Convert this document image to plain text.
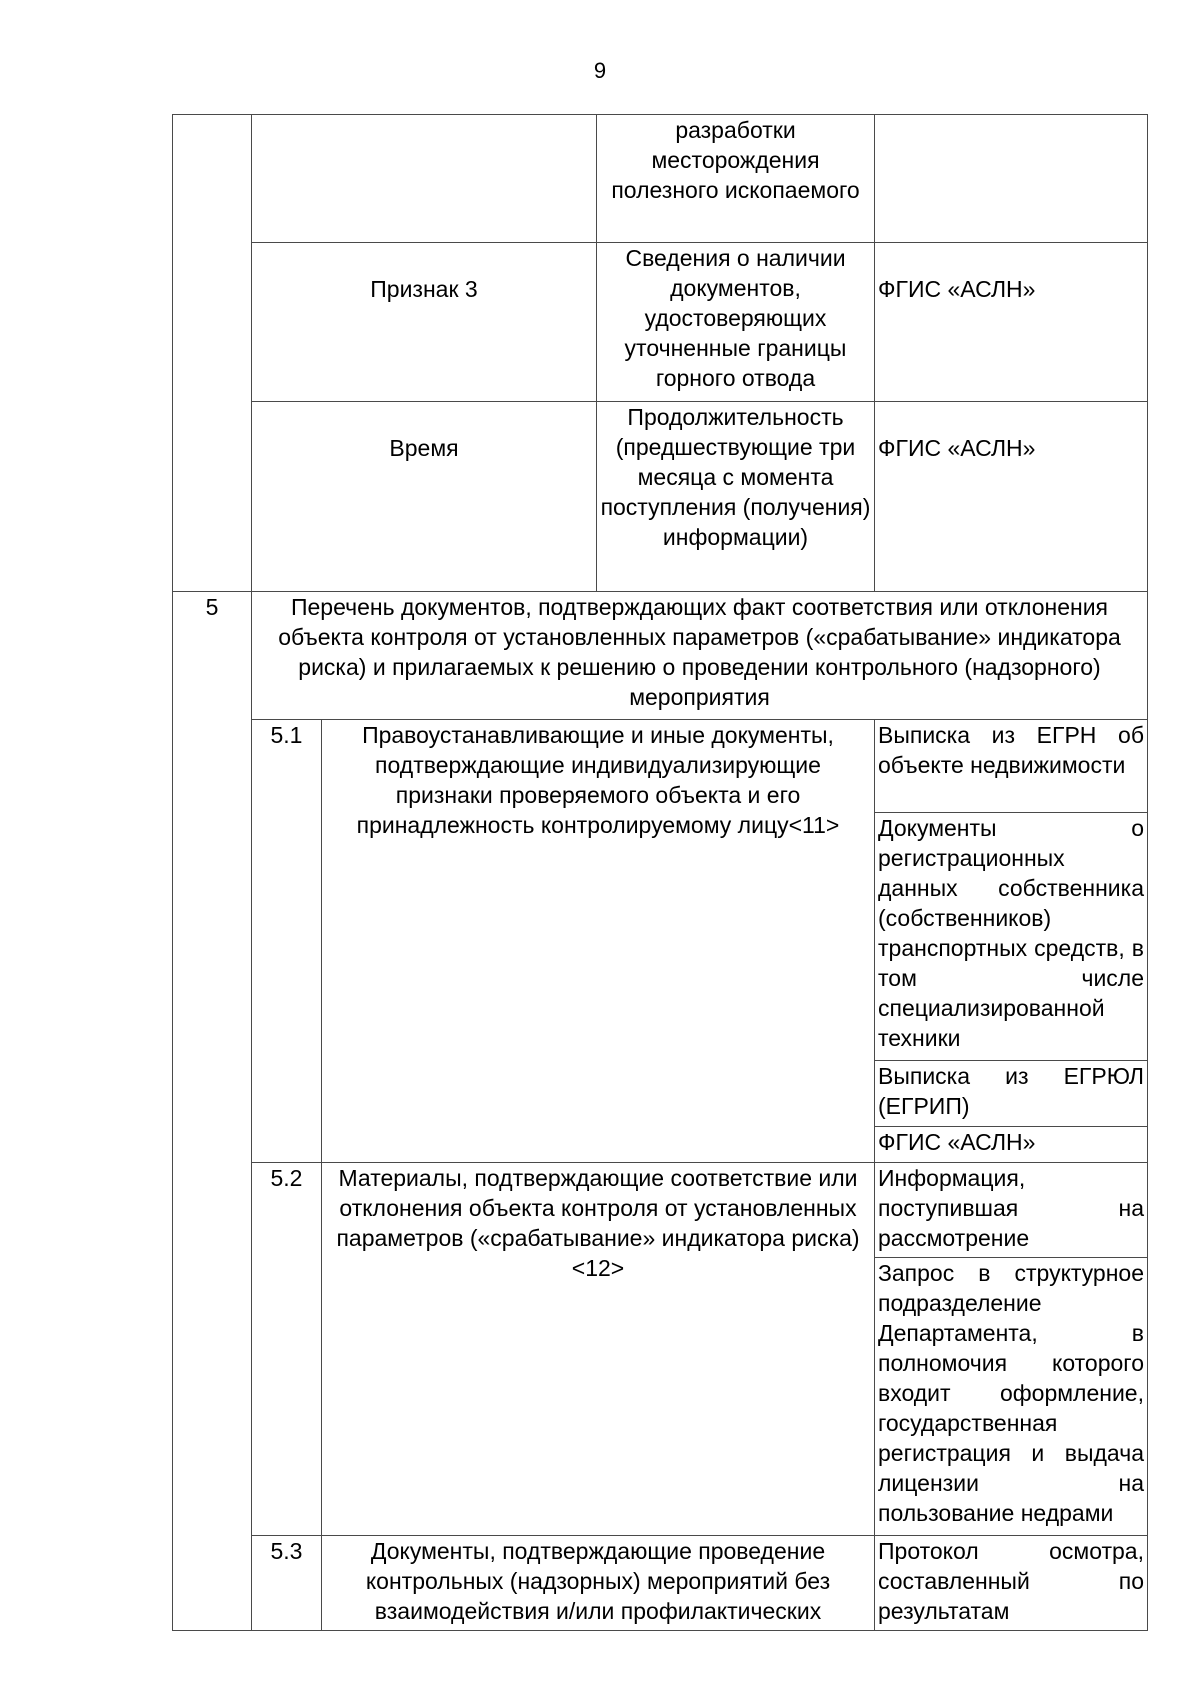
9
			разработки месторождения полезного ископаемого	
	Признак 3		Сведения о наличии документов, удостоверяющих уточненные границы горного отвода	ФГИС «АСЛН»
	Время		Продолжительность (предшествующие три месяца с момента поступления (получения) информации)	ФГИС «АСЛН»
5	Перечень документов, подтверждающих факт соответствия или отклонения объекта контроля от установленных параметров («срабатывание» индикатора риска) и прилагаемых к решению о проведении контрольного (надзорного) мероприятия			
	5.1	Правоустанавливающие и иные документы, подтверждающие индивидуализирующие признаки проверяемого объекта и его принадлежность контролируемому лицу<11>		Выписка из ЕГРН об объекте недвижимости
				Документы о регистрационных данных собственника (собственников) транспортных средств, в том числе специализированной техники
				Выписка из ЕГРЮЛ (ЕГРИП)
				ФГИС «АСЛН»
	5.2	Материалы, подтверждающие соответствие или отклонения объекта контроля от установленных параметров («срабатывание» индикатора риска)<12>		Информация, поступившая на рассмотрение
				Запрос в структурное подразделение Департамента, в полномочия которого входит оформление, государственная регистрация и выдача лицензии на пользование недрами
	5.3	Документы, подтверждающие проведение контрольных (надзорных) мероприятий без взаимодействия и/или профилактических		Протокол осмотра, составленный по результатам
